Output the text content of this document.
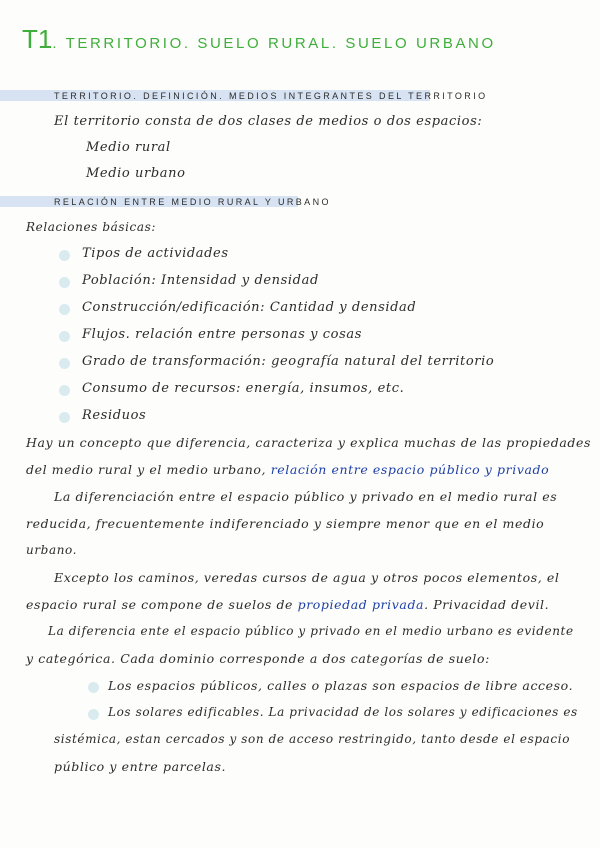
T1. TERRITORIO. SUELO RURAL. SUELO URBANO
TERRITORIO. DEFINICIÓN. MEDIOS INTEGRANTES DEL TERRITORIO
El territorio consta de dos clases de medios o dos espacios:
Medio rural
Medio urbano
RELACIÓN ENTRE MEDIO RURAL Y URBANO
Relaciones básicas:
Tipos de actividades
Población: Intensidad y densidad
Construcción/edificación: Cantidad y densidad
Flujos. relación entre personas y cosas
Grado de transformación: geografía natural del territorio
Consumo de recursos: energía, insumos, etc.
Residuos
Hay un concepto que diferencia, caracteriza y explica muchas de las propiedades
del medio rural y el medio urbano, relación entre espacio público y privado
La diferenciación entre el espacio público y privado en el medio rural es
reducida, frecuentemente indiferenciado y siempre menor que en el medio
urbano.
Excepto los caminos, veredas cursos de agua y otros pocos elementos, el
espacio rural se compone de suelos de propiedad privada. Privacidad devil.
La diferencia ente el espacio público y privado en el medio urbano es evidente
y categórica. Cada dominio corresponde a dos categorías de suelo:
Los espacios públicos, calles o plazas son espacios de libre acceso.
Los solares edificables. La privacidad de los solares y edificaciones es
sistémica, estan cercados y son de acceso restringido, tanto desde el espacio
público y entre parcelas.
